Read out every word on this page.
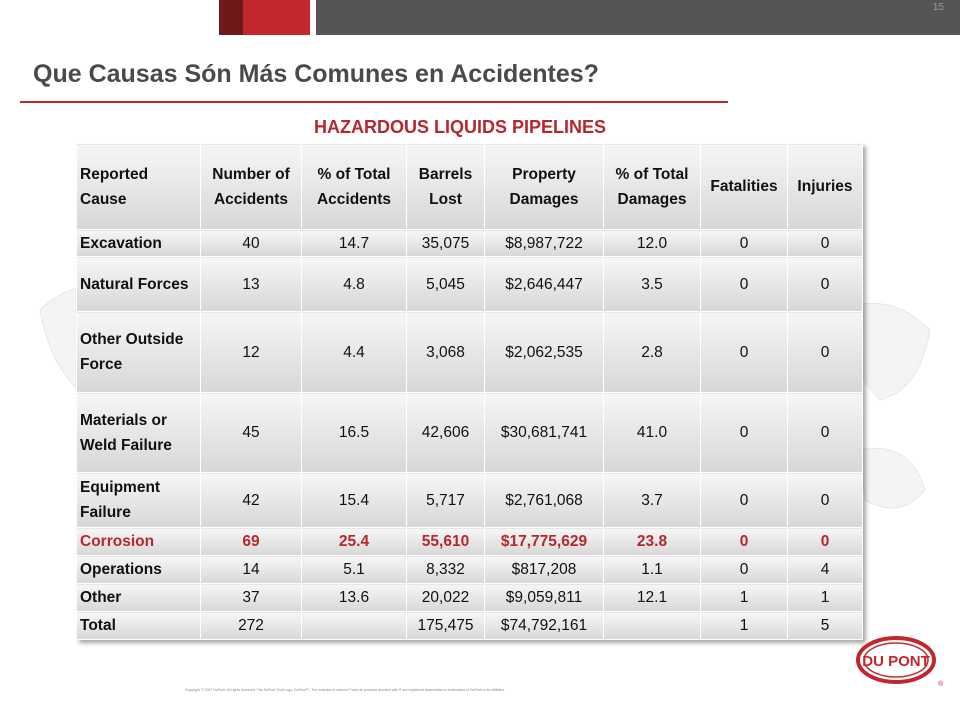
15
Que Causas Són Más Comunes en Accidentes?
HAZARDOUS LIQUIDS PIPELINES
Reported Cause	Number of Accidents	% of Total Accidents	Barrels Lost	Property Damages	% of Total Damages	Fatalities	Injuries
Excavation	40	14.7	35,075	$8,987,722	12.0	0	0
Natural Forces	13	4.8	5,045	$2,646,447	3.5	0	0
Other Outside Force	12	4.4	3,068	$2,062,535	2.8	0	0
Materials or Weld Failure	45	16.5	42,606	$30,681,741	41.0	0	0
Equipment Failure	42	15.4	5,717	$2,761,068	3.7	0	0
Corrosion	69	25.4	55,610	$17,775,629	23.8	0	0
Operations	14	5.1	8,332	$817,208	1.1	0	4
Other	37	13.6	20,022	$9,059,811	12.1	1	1
Total	272		175,475	$74,792,161		1	5
Copyright © 2007 DuPont. All rights reserved. The DuPont Oval Logo, DuPont™, The miracles of science™ and all products denoted with ® are registered trademarks or trademarks of DuPont or its affiliates.
DU PONT
®
